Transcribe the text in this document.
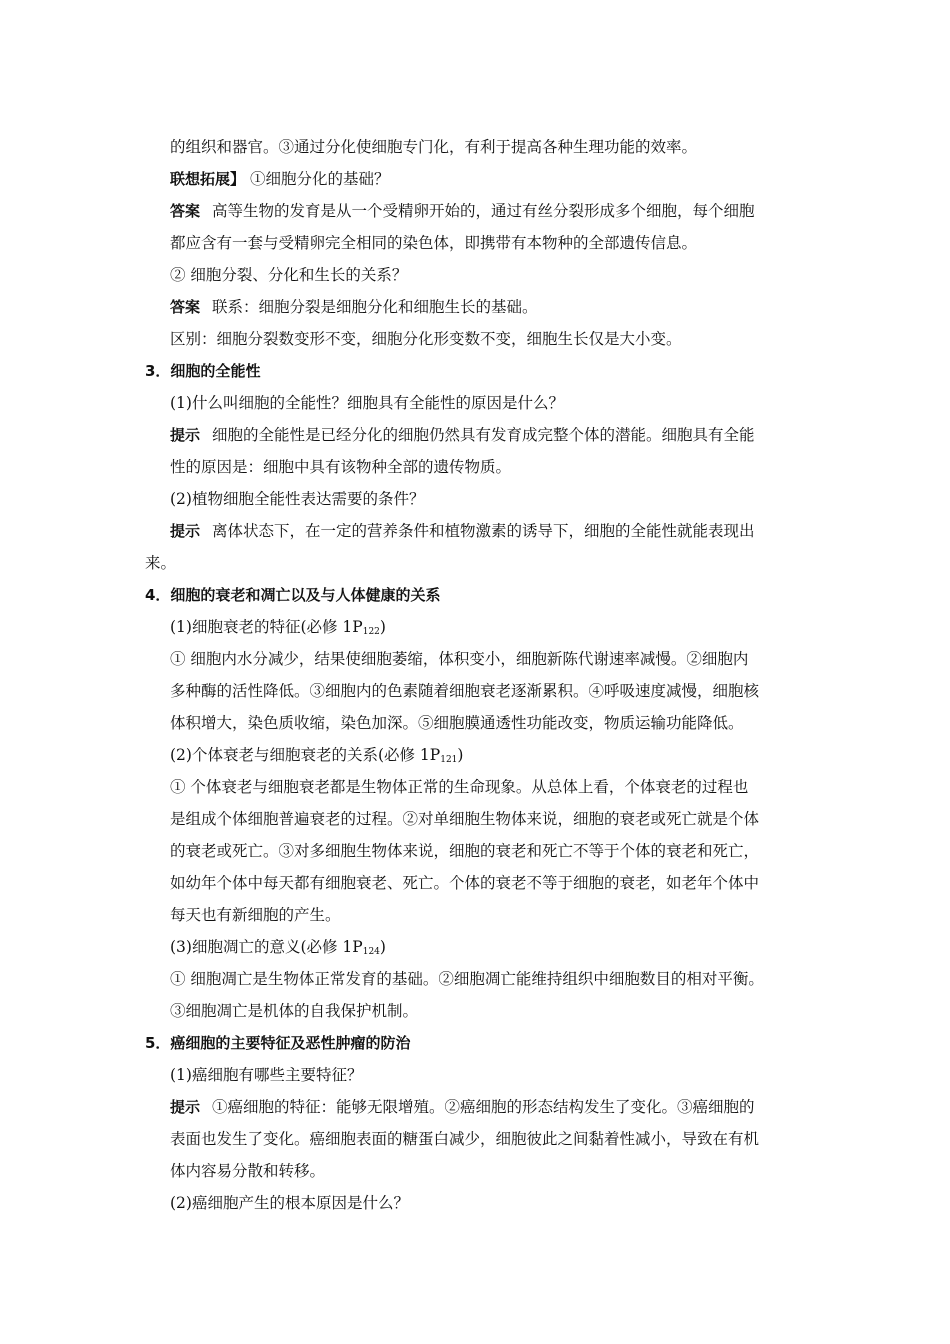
的组织和器官。③通过分化使细胞专门化，有利于提高各种生理功能的效率。
联想拓展】 ①细胞分化的基础？
答案 高等生物的发育是从一个受精卵开始的，通过有丝分裂形成多个细胞，每个细胞
都应含有一套与受精卵完全相同的染色体，即携带有本物种的全部遗传信息。
② 细胞分裂、分化和生长的关系？
答案 联系：细胞分裂是细胞分化和细胞生长的基础。
区别：细胞分裂数变形不变，细胞分化形变数不变，细胞生长仅是大小变。
3．细胞的全能性
(1)什么叫细胞的全能性？细胞具有全能性的原因是什么？
提示 细胞的全能性是已经分化的细胞仍然具有发育成完整个体的潜能。细胞具有全能
性的原因是：细胞中具有该物种全部的遗传物质。
(2)植物细胞全能性表达需要的条件？
提示 离体状态下，在一定的营养条件和植物激素的诱导下，细胞的全能性就能表现出
来。
4．细胞的衰老和凋亡以及与人体健康的关系
(1)细胞衰老的特征(必修 $1P_{122}$)
① 细胞内水分减少，结果使细胞萎缩，体积变小，细胞新陈代谢速率减慢。②细胞内
多种酶的活性降低。③细胞内的色素随着细胞衰老逐渐累积。④呼吸速度减慢，细胞核
体积增大，染色质收缩，染色加深。⑤细胞膜通透性功能改变，物质运输功能降低。
(2)个体衰老与细胞衰老的关系(必修 $1P_{121}$)
① 个体衰老与细胞衰老都是生物体正常的生命现象。从总体上看，个体衰老的过程也
是组成个体细胞普遍衰老的过程。②对单细胞生物体来说，细胞的衰老或死亡就是个体
的衰老或死亡。③对多细胞生物体来说，细胞的衰老和死亡不等于个体的衰老和死亡，
如幼年个体中每天都有细胞衰老、死亡。个体的衰老不等于细胞的衰老，如老年个体中
每天也有新细胞的产生。
(3)细胞凋亡的意义(必修 $1P_{124}$)
① 细胞凋亡是生物体正常发育的基础。②细胞凋亡能维持组织中细胞数目的相对平衡。
③细胞凋亡是机体的自我保护机制。
5．癌细胞的主要特征及恶性肿瘤的防治
(1)癌细胞有哪些主要特征？
提示 ①癌细胞的特征：能够无限增殖。②癌细胞的形态结构发生了变化。③癌细胞的
表面也发生了变化。癌细胞表面的糖蛋白减少，细胞彼此之间黏着性减小，导致在有机
体内容易分散和转移。
(2)癌细胞产生的根本原因是什么？
